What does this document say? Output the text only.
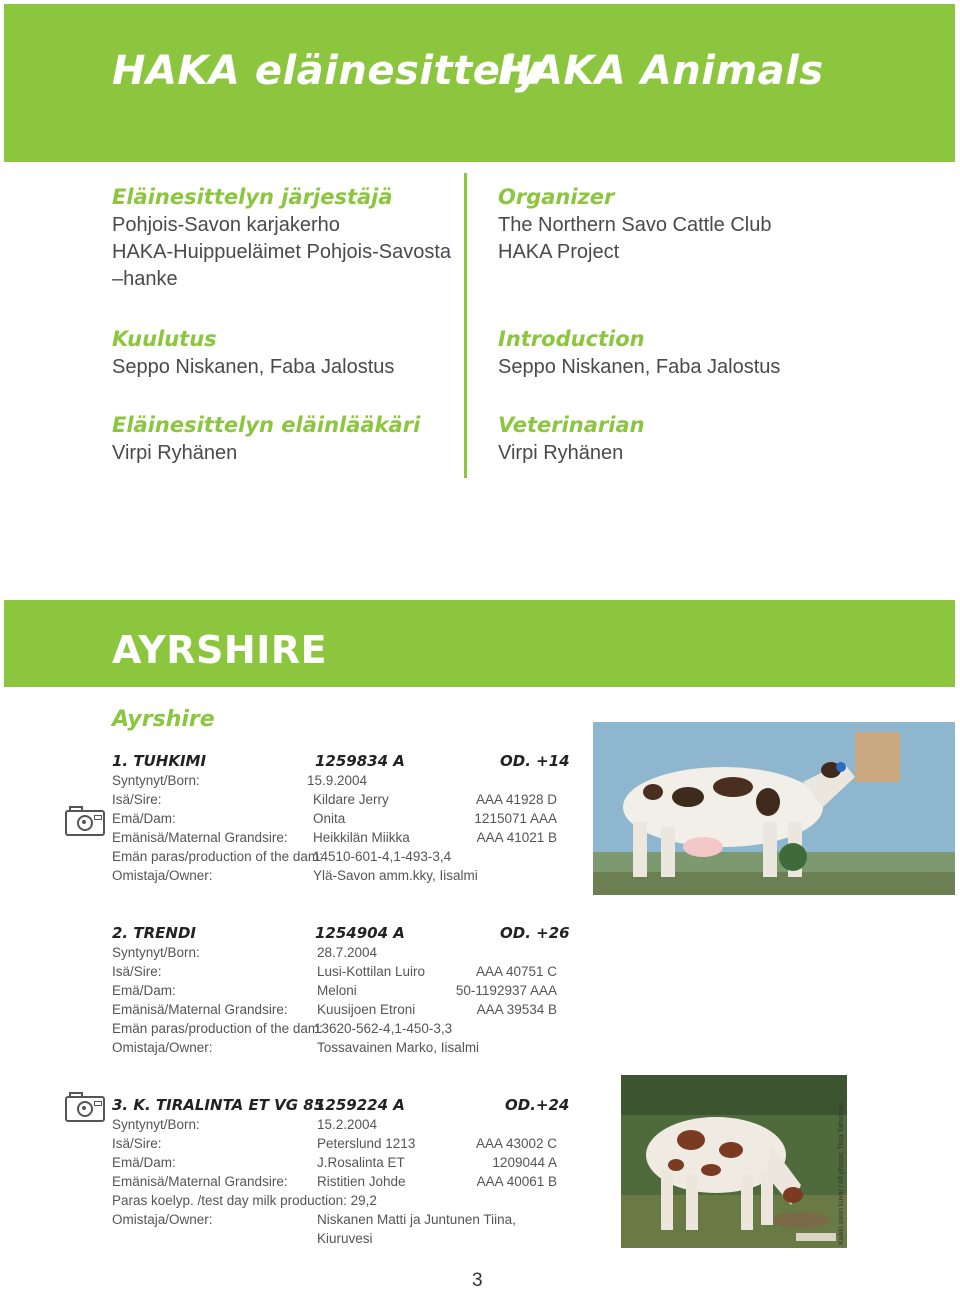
HAKA eläinesittely
HAKA Animals
Eläinesittelyn järjestäjä
Pohjois-Savon karjakerho
HAKA-Huippueläimet Pohjois-Savosta
–hanke
Kuulutus
Seppo Niskanen, Faba Jalostus
Eläinesittelyn eläinlääkäri
Virpi Ryhänen
Organizer
The Northern Savo Cattle Club
HAKA Project
Introduction
Seppo Niskanen, Faba Jalostus
Veterinarian
Virpi Ryhänen
AYRSHIRE
Ayrshire
1. TUHKIMI	1259834 A	OD. +14
Syntynyt/Born:	15.9.2004
Isä/Sire:	Kildare Jerry	AAA 41928 D
Emä/Dam:	Onita	1215071 AAA
Emänisä/Maternal Grandsire: Heikkilän Miikka	AAA 41021 B
Emän paras/production of the dam:
14510-601-4,1-493-3,4
Omistaja/Owner:	Ylä-Savon amm.kky, Iisalmi
2. TRENDI	1254904 A	OD. +26
Syntynyt/Born:	28.7.2004
Isä/Sire:	Lusi-Kottilan Luiro	AAA 40751 C
Emä/Dam:	Meloni	50-1192937 AAA
Emänisä/Maternal Grandsire: Kuusijoen Etroni	AAA 39534 B
Emän paras/production of the dam:
13620-562-4,1-450-3,3
Omistaja/Owner:	Tossavainen Marko, Iisalmi
3. K. TIRALINTA ET VG 85
1259224 A	OD.+24
Syntynyt/Born:	15.2.2004
Isä/Sire:	Peterslund 1213	AAA 43002 C
Emä/Dam:	J.Rosalinta ET	1209044 A
Emänisä/Maternal Grandsire: Ristitien Johde	AAA 40061 B
Paras koelyp. /test day milk production: 29,2
Omistaja/Owner:	Niskanen Matti ja Juntunen Tiina,
Kiuruvesi	Kaikki sivun kuvat / All photos: Tiina Tahvonen
3
